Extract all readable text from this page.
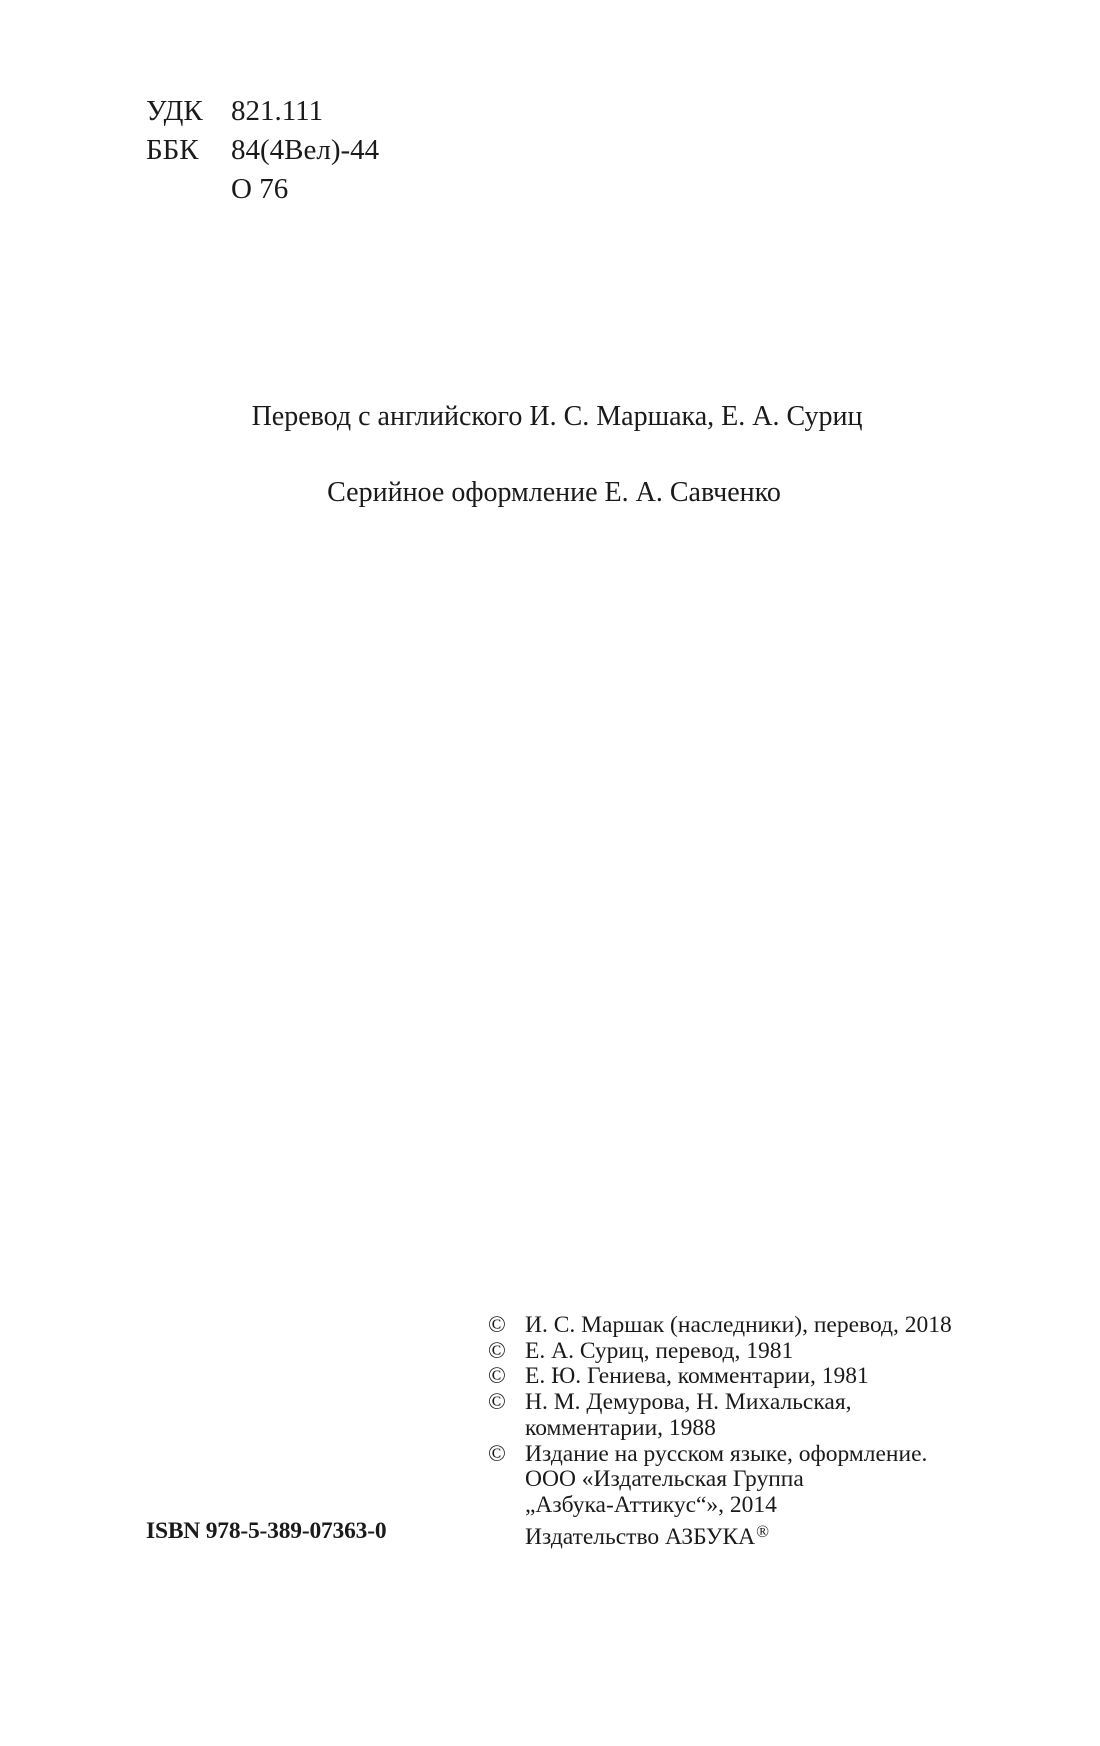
УДК 821.111
ББК	84(4Вел)-44
О 76
Перевод с английского И. С. Маршака, Е. А. Суриц
Серийное оформление Е. А. Савченко
© И. С. Маршак (наследники), перевод, 2018
© Е. А. Суриц, перевод, 1981
© Е. Ю. Гениева, комментарии, 1981
© Н. М. Демурова, Н. Михальская,
комментарии, 1988
© Издание на русском языке, оформление.
ООО «Издательская Группа
„Азбука-Аттикус“», 2014
Издательство АЗБУКА®
ISBN 978-5-389-07363-0
